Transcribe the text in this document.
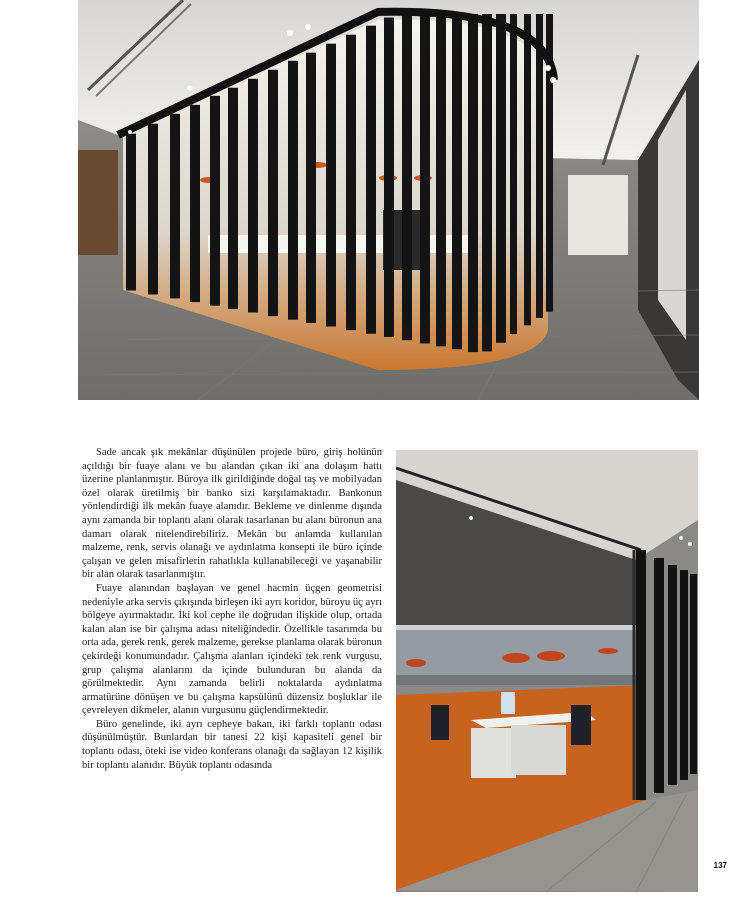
Sade ancak şık mekânlar düşünülen projede büro, giriş holünün açıldığı bir fuaye alanı ve bu alandan çıkan iki ana dolaşım hattı üzerine planlanmıştır. Büroya ilk girildiğinde doğal taş ve mobilyadan özel olarak üretilmiş bir banko sizi karşılamaktadır. Bankonun yönlendirdiği ilk mekân fuaye alanıdır. Bekleme ve dinlenme dışında aynı zamanda bir toplantı alanı olarak tasarlanan bu alanı büronun ana damarı olarak nitelendirebiliriz. Mekân bu anlamda kullanılan malzeme, renk, servis olanağı ve aydınlatma konsepti ile büro içinde çalışan ve gelen misafirlerin rahatlıkla kullanabileceği ve yaşanabilir bir alan olarak tasarlanmıştır.

Fuaye alanından başlayan ve genel hacmin üçgen geometrisi nedeniyle arka servis çıkışında birleşen iki ayrı koridor, büroyu üç ayrı bölgeye ayırmaktadır. İki kol cephe ile doğrudan ilişkide olup, ortada kalan alan ise bir çalışma adası niteliğindedir. Özellikle tasarımda bu orta ada, gerek renk, gerek malzeme, gerekse planlama olarak büronun çekirdeği konumundadır. Çalışma alanları içindeki tek renk vurgusu, grup çalışma alanlarını da içinde bulunduran bu alanda da görülmektedir. Aynı zamanda belirli noktalarda aydınlatma armatürüne dönüşen ve bu çalışma kapsülünü düzensiz boşluklar ile çevreleyen dikmeler, alanın vurgusunu güçlendirmektedir.

Büro genelinde, iki ayrı cepheye bakan, iki farklı toplantı odası düşünülmüştür. Bunlardan bir tanesi 22 kişi kapasiteli genel bir toplantı odası, öteki ise video konferans olanağı da sağlayan 12 kişilik bir toplantı alanıdır. Büyük toplantı odasında

137
